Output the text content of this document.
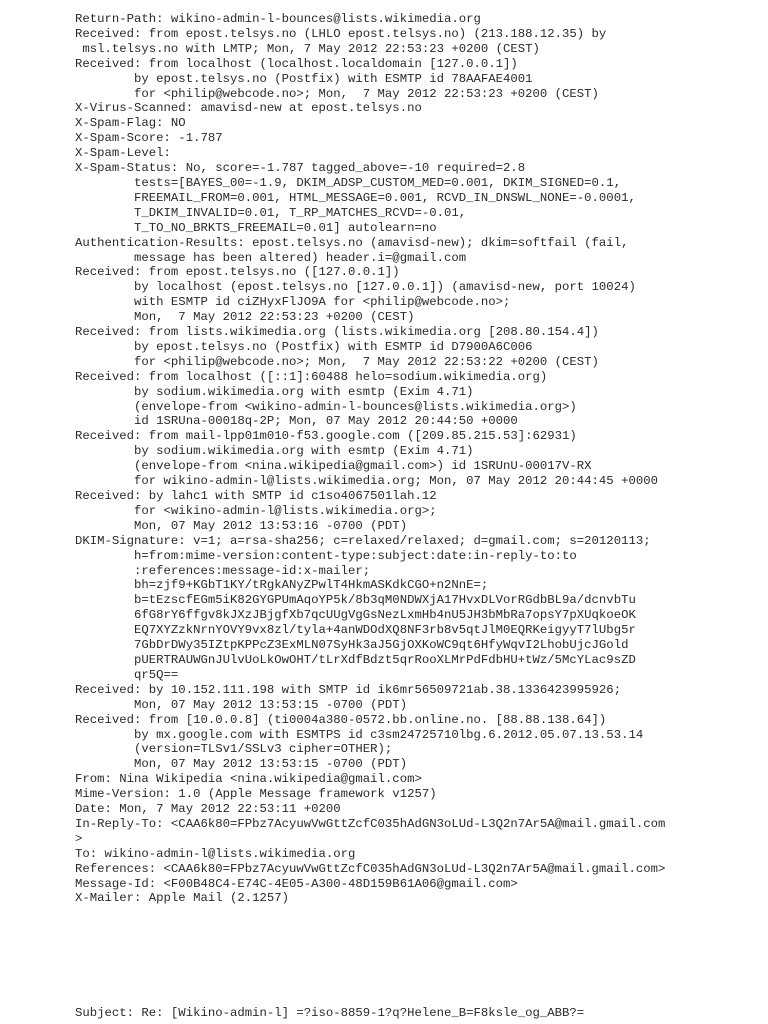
Return-Path: wikino-admin-l-bounces@lists.wikimedia.org
Received: from epost.telsys.no (LHLO epost.telsys.no) (213.188.12.35) by
msl.telsys.no with LMTP; Mon, 7 May 2012 22:53:23 +0200 (CEST)
Received: from localhost (localhost.localdomain [127.0.0.1])
by epost.telsys.no (Postfix) with ESMTP id 78AAFAE4001
for <philip@webcode.no>; Mon,  7 May 2012 22:53:23 +0200 (CEST)
X-Virus-Scanned: amavisd-new at epost.telsys.no
X-Spam-Flag: NO
X-Spam-Score: -1.787
X-Spam-Level:
X-Spam-Status: No, score=-1.787 tagged_above=-10 required=2.8
tests=[BAYES_00=-1.9, DKIM_ADSP_CUSTOM_MED=0.001, DKIM_SIGNED=0.1,
FREEMAIL_FROM=0.001, HTML_MESSAGE=0.001, RCVD_IN_DNSWL_NONE=-0.0001,
T_DKIM_INVALID=0.01, T_RP_MATCHES_RCVD=-0.01,
T_TO_NO_BRKTS_FREEMAIL=0.01] autolearn=no
Authentication-Results: epost.telsys.no (amavisd-new); dkim=softfail (fail,
message has been altered) header.i=@gmail.com
Received: from epost.telsys.no ([127.0.0.1])
by localhost (epost.telsys.no [127.0.0.1]) (amavisd-new, port 10024)
with ESMTP id ciZHyxFlJO9A for <philip@webcode.no>;
Mon,  7 May 2012 22:53:23 +0200 (CEST)
Received: from lists.wikimedia.org (lists.wikimedia.org [208.80.154.4])
by epost.telsys.no (Postfix) with ESMTP id D7900A6C006
for <philip@webcode.no>; Mon,  7 May 2012 22:53:22 +0200 (CEST)
Received: from localhost ([::1]:60488 helo=sodium.wikimedia.org)
by sodium.wikimedia.org with esmtp (Exim 4.71)
(envelope-from <wikino-admin-l-bounces@lists.wikimedia.org>)
id 1SRUna-00018q-2P; Mon, 07 May 2012 20:44:50 +0000
Received: from mail-lpp01m010-f53.google.com ([209.85.215.53]:62931)
by sodium.wikimedia.org with esmtp (Exim 4.71)
(envelope-from <nina.wikipedia@gmail.com>) id 1SRUnU-00017V-RX
for wikino-admin-l@lists.wikimedia.org; Mon, 07 May 2012 20:44:45 +0000
Received: by lahc1 with SMTP id c1so4067501lah.12
for <wikino-admin-l@lists.wikimedia.org>;
Mon, 07 May 2012 13:53:16 -0700 (PDT)
DKIM-Signature: v=1; a=rsa-sha256; c=relaxed/relaxed; d=gmail.com; s=20120113;
h=from:mime-version:content-type:subject:date:in-reply-to:to
:references:message-id:x-mailer;
bh=zjf9+KGbT1KY/tRgkANyZPwlT4HkmASKdkCGO+n2NnE=;
b=tEzscfEGm5iK82GYGPUmAqoYP5k/8b3qM0NDWXjA17HvxDLVorRGdbBL9a/dcnvbTu
6fG8rY6ffgv8kJXzJBjgfXb7qcUUgVgGsNezLxmHb4nU5JH3bMbRa7opsY7pXUqkoeOK
EQ7XYZzkNrnYOVY9vx8zl/tyla+4anWDOdXQ8NF3rb8v5qtJlM0EQRKeigyyT7lUbg5r
7GbDrDWy35IZtpKPPcZ3ExMLN07SyHk3aJ5GjOXKoWC9qt6HfyWqvI2LhobUjcJGold
pUERTRAUWGnJUlvUoLkOwOHT/tLrXdfBdzt5qrRooXLMrPdFdbHU+tWz/5McYLac9sZD
qr5Q==
Received: by 10.152.111.198 with SMTP id ik6mr56509721ab.38.1336423995926;
Mon, 07 May 2012 13:53:15 -0700 (PDT)
Received: from [10.0.0.8] (ti0004a380-0572.bb.online.no. [88.88.138.64])
by mx.google.com with ESMTPS id c3sm24725710lbg.6.2012.05.07.13.53.14
(version=TLSv1/SSLv3 cipher=OTHER);
Mon, 07 May 2012 13:53:15 -0700 (PDT)
From: Nina Wikipedia <nina.wikipedia@gmail.com>
Mime-Version: 1.0 (Apple Message framework v1257)
Date: Mon, 7 May 2012 22:53:11 +0200
In-Reply-To: <CAA6k80=FPbz7AcyuwVwGttZcfC035hAdGN3oLUd-L3Q2n7Ar5A@mail.gmail.com
>
To: wikino-admin-l@lists.wikimedia.org
References: <CAA6k80=FPbz7AcyuwVwGttZcfC035hAdGN3oLUd-L3Q2n7Ar5A@mail.gmail.com>
Message-Id: <F00B48C4-E74C-4E05-A300-48D159B61A06@gmail.com>
X-Mailer: Apple Mail (2.1257)
Subject: Re: [Wikino-admin-l] =?iso-8859-1?q?Helene_B=F8ksle_og_ABB?=
